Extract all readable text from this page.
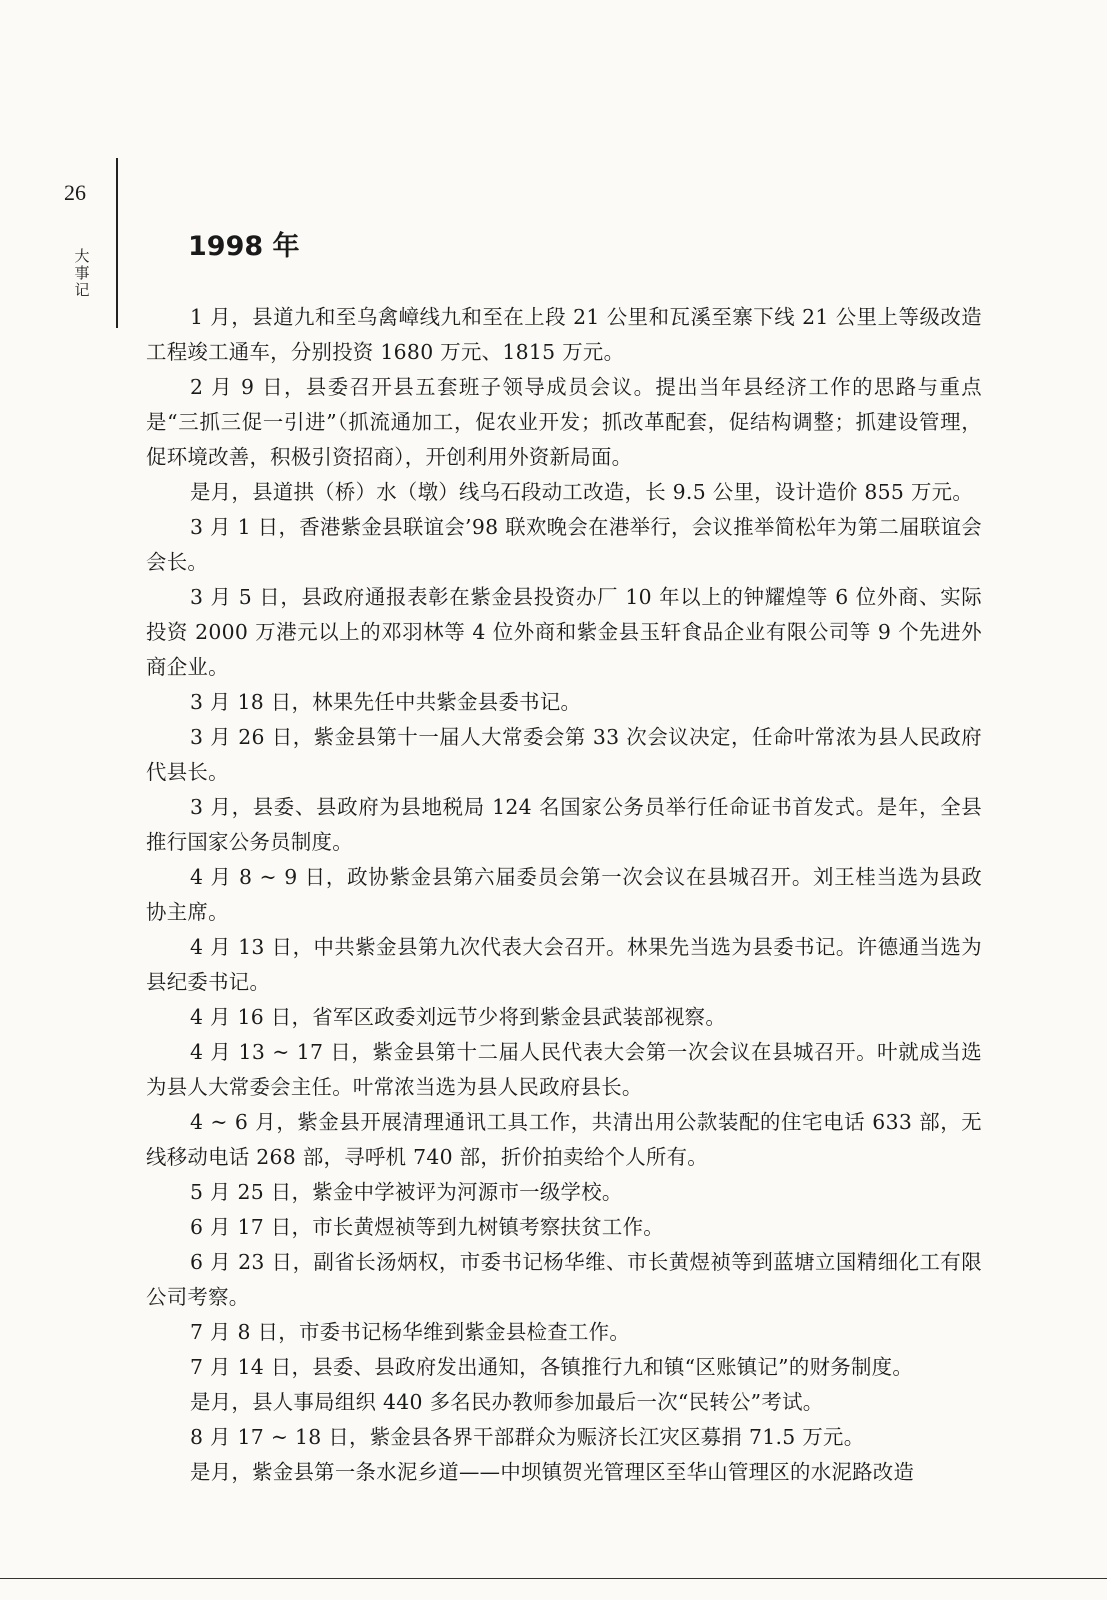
26
大事记
1998 年

1 月，县道九和至乌禽嶂线九和至在上段 21 公里和瓦溪至寨下线 21 公里上等级改造工程竣工通车，分别投资 1680 万元、1815 万元。

2 月 9 日，县委召开县五套班子领导成员会议。提出当年县经济工作的思路与重点是“三抓三促一引进”（抓流通加工，促农业开发；抓改革配套，促结构调整；抓建设管理，促环境改善，积极引资招商），开创利用外资新局面。

是月，县道拱（桥）水（墩）线乌石段动工改造，长 9.5 公里，设计造价 855 万元。

3 月 1 日，香港紫金县联谊会’98 联欢晚会在港举行，会议推举简松年为第二届联谊会会长。

3 月 5 日，县政府通报表彰在紫金县投资办厂 10 年以上的钟耀煌等 6 位外商、实际投资 2000 万港元以上的邓羽林等 4 位外商和紫金县玉轩食品企业有限公司等 9 个先进外商企业。

3 月 18 日，林果先任中共紫金县委书记。

3 月 26 日，紫金县第十一届人大常委会第 33 次会议决定，任命叶常浓为县人民政府代县长。

3 月，县委、县政府为县地税局 124 名国家公务员举行任命证书首发式。是年，全县推行国家公务员制度。

4 月 8 ~ 9 日，政协紫金县第六届委员会第一次会议在县城召开。刘王桂当选为县政协主席。

4 月 13 日，中共紫金县第九次代表大会召开。林果先当选为县委书记。许德通当选为县纪委书记。

4 月 16 日，省军区政委刘远节少将到紫金县武装部视察。

4 月 13 ~ 17 日，紫金县第十二届人民代表大会第一次会议在县城召开。叶就成当选为县人大常委会主任。叶常浓当选为县人民政府县长。

4 ~ 6 月，紫金县开展清理通讯工具工作，共清出用公款装配的住宅电话 633 部，无线移动电话 268 部，寻呼机 740 部，折价拍卖给个人所有。

5 月 25 日，紫金中学被评为河源市一级学校。

6 月 17 日，市长黄煜祯等到九树镇考察扶贫工作。

6 月 23 日，副省长汤炳权，市委书记杨华维、市长黄煜祯等到蓝塘立国精细化工有限公司考察。

7 月 8 日，市委书记杨华维到紫金县检查工作。

7 月 14 日，县委、县政府发出通知，各镇推行九和镇“区账镇记”的财务制度。

是月，县人事局组织 440 多名民办教师参加最后一次“民转公”考试。

8 月 17 ~ 18 日，紫金县各界干部群众为赈济长江灾区募捐 71.5 万元。

是月，紫金县第一条水泥乡道——中坝镇贺光管理区至华山管理区的水泥路改造
